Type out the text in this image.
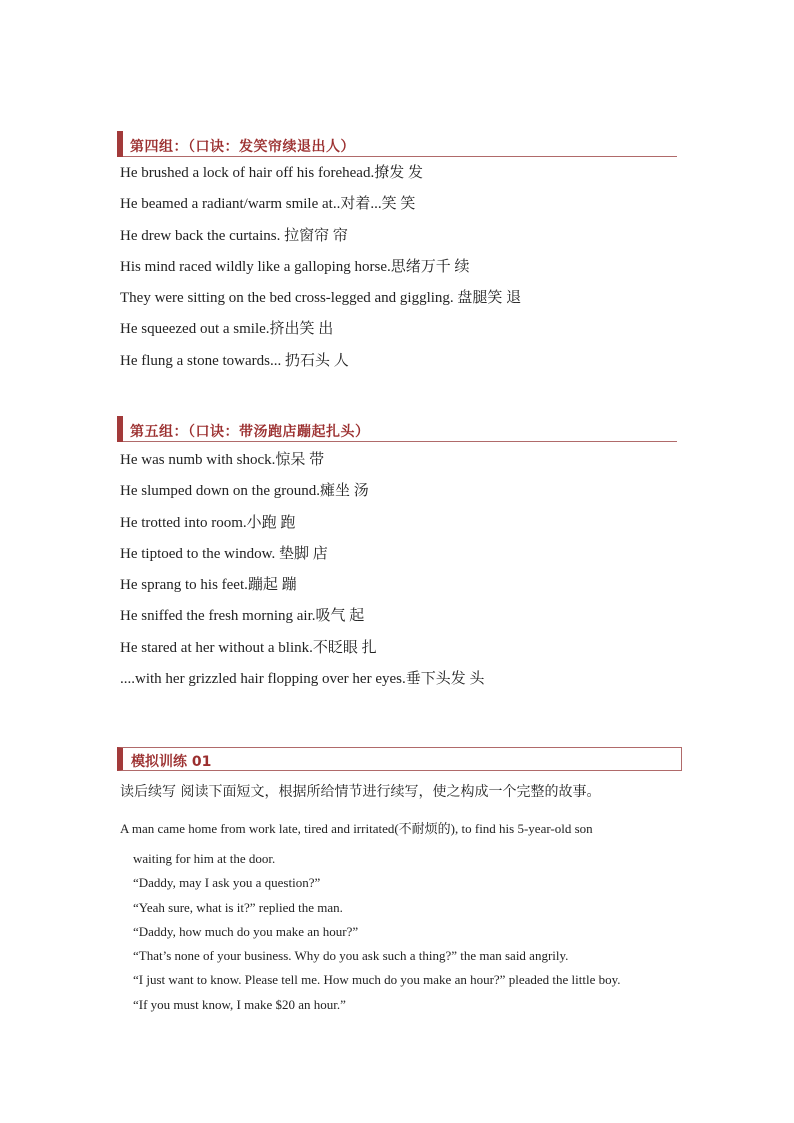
第四组：（口诀：发笑帘续退出人）
He brushed a lock of hair off his forehead.撩发 发
He beamed a radiant/warm smile at..对着...笑 笑
He drew back the curtains. 拉窗帘 帘
His mind raced wildly like a galloping horse.思绪万千 续
They were sitting on the bed cross-legged and giggling. 盘腿笑 退
He squeezed out a smile.挤出笑 出
He flung a stone towards... 扔石头 人
第五组：（口诀：带汤跑店蹦起扎头）
He was numb with shock.惊呆 带
He slumped down on the ground.瘫坐 汤
He trotted into room.小跑 跑
He tiptoed to the window. 垫脚 店
He sprang to his feet.蹦起 蹦
He sniffed the fresh morning air.吸气 起
He stared at her without a blink.不眨眼 扎
....with her grizzled hair flopping over her eyes.垂下头发 头
模拟训练 01
读后续写 阅读下面短文，根据所给情节进行续写，使之构成一个完整的故事。
A man came home from work late, tired and irritated(不耐烦的), to find his 5-year-old son
waiting for him at the door.
“Daddy, may I ask you a question?”
“Yeah sure, what is it?” replied the man.
“Daddy, how much do you make an hour?”
“That’s none of your business. Why do you ask such a thing?” the man said angrily.
“I just want to know. Please tell me. How much do you make an hour?” pleaded the little boy.
“If you must know, I make $20 an hour.”
